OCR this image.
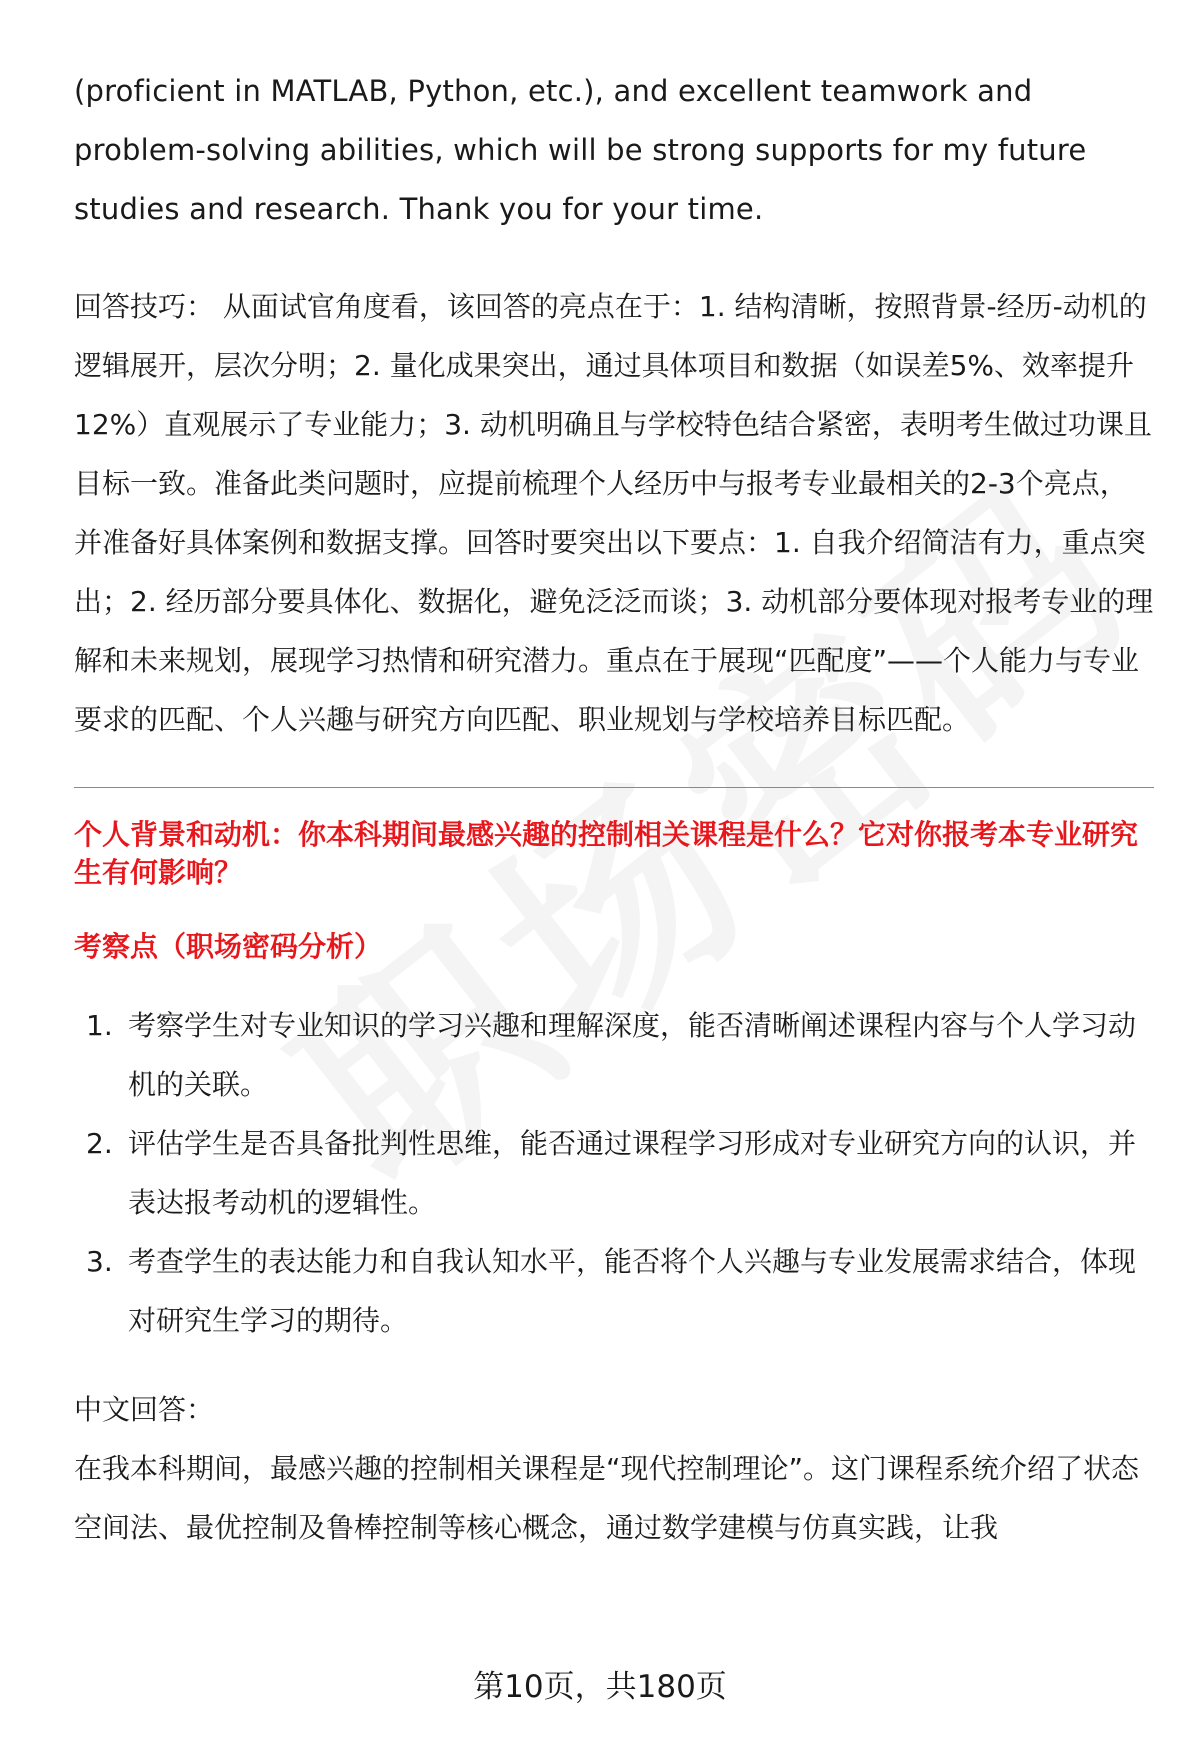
(proficient in MATLAB, Python, etc.), and excellent teamwork and problem-solving abilities, which will be strong supports for my future studies and research. Thank you for your time.

回答技巧： 从面试官角度看，该回答的亮点在于：1. 结构清晰，按照背景-经历-动机的逻辑展开，层次分明；2. 量化成果突出，通过具体项目和数据（如误差5%、效率提升12%）直观展示了专业能力；3. 动机明确且与学校特色结合紧密，表明考生做过功课且目标一致。准备此类问题时，应提前梳理个人经历中与报考专业最相关的2-3个亮点，并准备好具体案例和数据支撑。回答时要突出以下要点：1. 自我介绍简洁有力，重点突出；2. 经历部分要具体化、数据化，避免泛泛而谈；3. 动机部分要体现对报考专业的理解和未来规划，展现学习热情和研究潜力。重点在于展现“匹配度”——个人能力与专业要求的匹配、个人兴趣与研究方向匹配、职业规划与学校培养目标匹配。

个人背景和动机：你本科期间最感兴趣的控制相关课程是什么？它对你报考本专业研究生有何影响？

考察点（职场密码分析）

1. 考察学生对专业知识的学习兴趣和理解深度，能否清晰阐述课程内容与个人学习动机的关联。
2. 评估学生是否具备批判性思维，能否通过课程学习形成对专业研究方向的认识，并表达报考动机的逻辑性。
3. 考查学生的表达能力和自我认知水平，能否将个人兴趣与专业发展需求结合，体现对研究生学习的期待。

中文回答：

在我本科期间，最感兴趣的控制相关课程是“现代控制理论”。这门课程系统介绍了状态空间法、最优控制及鲁棒控制等核心概念，通过数学建模与仿真实践，让我

第10页，共180页
